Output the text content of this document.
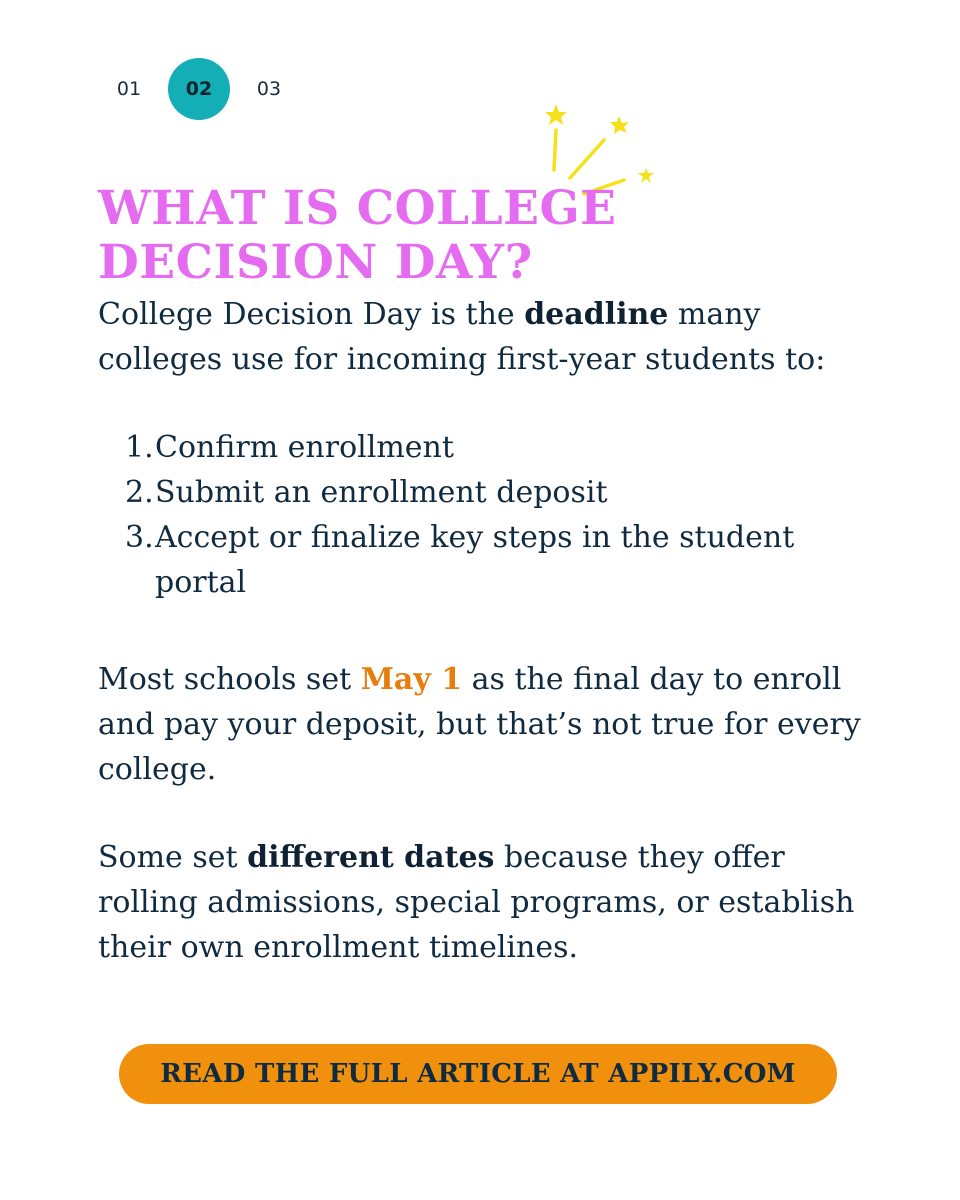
01	02	03
WHAT IS COLLEGE
DECISION DAY?

College Decision Day is the deadline many colleges use for incoming first-year students to:

1. Confirm enrollment
2. Submit an enrollment deposit
3. Accept or finalize key steps in the student portal

Most schools set May 1 as the final day to enroll and pay your deposit, but that’s not true for every college.

Some set different dates because they offer rolling admissions, special programs, or establish their own enrollment timelines.

READ THE FULL ARTICLE AT APPILY.COM
